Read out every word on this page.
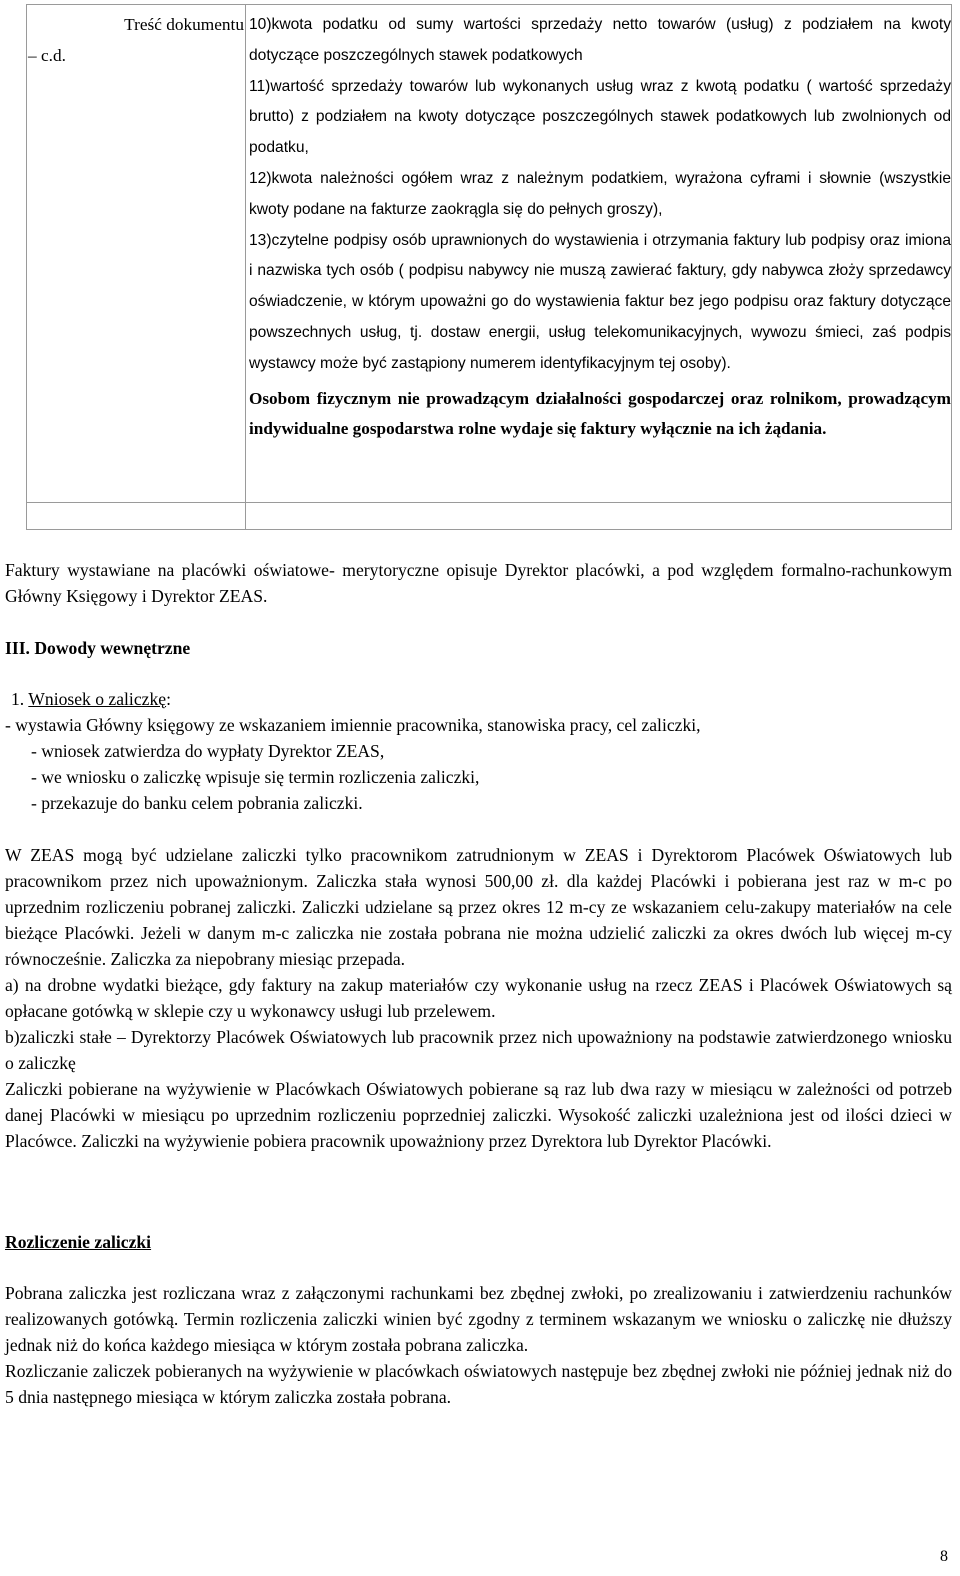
Treść dokumentu

– c.d.

10)kwota podatku od sumy wartości sprzedaży netto towarów (usług) z podziałem na kwoty dotyczące poszczególnych stawek podatkowych

11)wartość sprzedaży towarów lub wykonanych usług wraz z kwotą podatku ( wartość sprzedaży brutto) z podziałem na kwoty dotyczące poszczególnych stawek podatkowych lub zwolnionych od podatku,

12)kwota należności ogółem wraz z należnym podatkiem, wyrażona cyframi i słownie (wszystkie kwoty podane na fakturze zaokrągla się do pełnych groszy),

13)czytelne podpisy osób uprawnionych do wystawienia i otrzymania faktury lub podpisy oraz imiona i nazwiska tych osób ( podpisu nabywcy nie muszą zawierać faktury, gdy nabywca złoży sprzedawcy oświadczenie, w którym upoważni go do wystawienia faktur bez jego podpisu oraz faktury dotyczące powszechnych usług, tj. dostaw energii, usług telekomunikacyjnych, wywozu śmieci, zaś podpis wystawcy może być zastąpiony numerem identyfikacyjnym tej osoby).

Osobom fizycznym nie prowadzącym działalności gospodarczej oraz rolnikom, prowadzącym indywidualne gospodarstwa rolne wydaje się faktury wyłącznie na ich żądania.

Faktury wystawiane na placówki oświatowe- merytoryczne opisuje Dyrektor placówki, a pod względem formalno-rachunkowym Główny Księgowy i Dyrektor ZEAS.

III. Dowody wewnętrzne
1. Wniosek o zaliczkę:

- wystawia Główny księgowy ze wskazaniem imiennie pracownika, stanowiska pracy, cel zaliczki,

- wniosek zatwierdza do wypłaty Dyrektor ZEAS,

- we wniosku o zaliczkę wpisuje się termin rozliczenia zaliczki,

- przekazuje do banku celem pobrania zaliczki.

W ZEAS mogą być udzielane zaliczki tylko pracownikom zatrudnionym w ZEAS i Dyrektorom Placówek Oświatowych lub pracownikom przez nich upoważnionym. Zaliczka stała wynosi 500,00 zł. dla każdej Placówki i pobierana jest raz w m-c po uprzednim rozliczeniu pobranej zaliczki. Zaliczki udzielane są przez okres 12 m-cy ze wskazaniem celu-zakupy materiałów na cele bieżące Placówki. Jeżeli w danym m-c zaliczka nie została pobrana nie można udzielić zaliczki za okres dwóch lub więcej m-cy równocześnie. Zaliczka za niepobrany miesiąc przepada.

a) na drobne wydatki bieżące, gdy faktury na zakup materiałów czy wykonanie usług na rzecz ZEAS i Placówek Oświatowych są opłacane gotówką w sklepie czy u wykonawcy usługi lub przelewem.

b)zaliczki stałe – Dyrektorzy Placówek Oświatowych lub pracownik przez nich upoważniony na podstawie zatwierdzonego wniosku o zaliczkę

Zaliczki pobierane na wyżywienie w Placówkach Oświatowych pobierane są raz lub dwa razy w miesiącu w zależności od potrzeb danej Placówki w miesiącu po uprzednim rozliczeniu poprzedniej zaliczki. Wysokość zaliczki uzależniona jest od ilości dzieci w Placówce. Zaliczki na wyżywienie pobiera pracownik upoważniony przez Dyrektora lub Dyrektor Placówki.

Rozliczenie zaliczki

Pobrana zaliczka jest rozliczana wraz z załączonymi rachunkami bez zbędnej zwłoki, po zrealizowaniu i zatwierdzeniu rachunków realizowanych gotówką. Termin rozliczenia zaliczki winien być zgodny z terminem wskazanym we wniosku o zaliczkę nie dłuższy jednak niż do końca każdego miesiąca w którym została pobrana zaliczka.

Rozliczanie zaliczek pobieranych na wyżywienie w placówkach oświatowych następuje bez zbędnej zwłoki nie później jednak niż do 5 dnia następnego miesiąca w którym zaliczka została pobrana.

8
